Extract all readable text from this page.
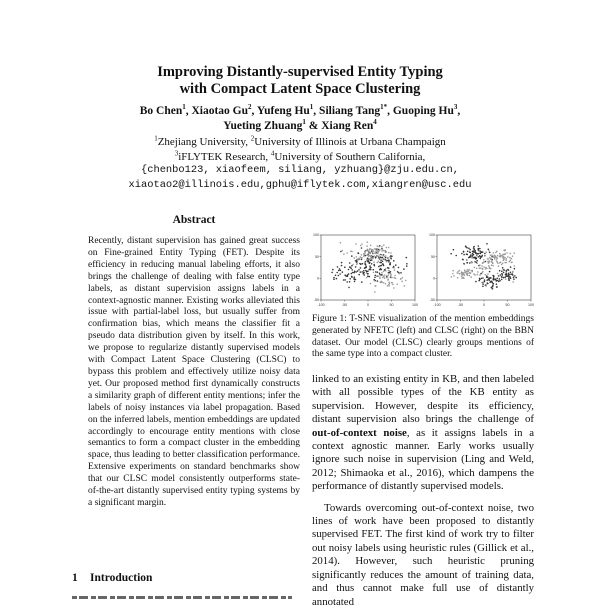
Improving Distantly-supervised Entity Typing
with Compact Latent Space Clustering
Bo Chen$^1$, Xiaotao Gu$^2$, Yufeng Hu$^1$, Siliang Tang$^{1*}$, Guoping Hu$^3$,
Yueting Zhuang$^1$ & Xiang Ren$^4$
$^1$Zhejiang University, $^2$University of Illinois at Urbana Champaign
$^3$iFLYTEK Research, $^4$University of Southern California,
{chenbo123, xiaofeem, siliang, yzhuang}@zju.edu.cn,
xiaotao2@illinois.edu,gphu@iflytek.com,xiangren@usc.edu
Abstract
Recently, distant supervision has gained great success on Fine-grained Entity Typing (FET). Despite its efficiency in reducing manual labeling efforts, it also brings the challenge of dealing with false entity type labels, as distant supervision assigns labels in a context-agnostic manner. Existing works alleviated this issue with partial-label loss, but usually suffer from confirmation bias, which means the classifier fit a pseudo data distribution given by itself. In this work, we propose to regularize distantly supervised models with Compact Latent Space Clustering (CLSC) to bypass this problem and effectively utilize noisy data yet. Our proposed method first dynamically constructs a similarity graph of different entity mentions; infer the labels of noisy instances via label propagation. Based on the inferred labels, mention embeddings are updated accordingly to encourage entity mentions with close semantics to form a compact cluster in the embedding space, thus leading to better classification performance. Extensive experiments on standard benchmarks show that our CLSC model consistently outperforms state-of-the-art distantly supervised entity typing systems by a significant margin.
1 Introduction
-100	-50	0	50	100
-50
0
50
100
-100	-50	0	50	100
-50
0
50
100
Figure 1: T-SNE visualization of the mention embeddings generated by NFETC (left) and CLSC (right) on the BBN dataset. Our model (CLSC) clearly groups mentions of the same type into a compact cluster.

linked to an existing entity in KB, and then labeled with all possible types of the KB entity as supervision. However, despite its efficiency, distant supervision also brings the challenge of out-of-context noise, as it assigns labels in a context agnostic manner. Early works usually ignore such noise in supervision (Ling and Weld, 2012; Shimaoka et al., 2016), which dampens the performance of distantly supervised models.

Towards overcoming out-of-context noise, two lines of work have been proposed to distantly supervised FET. The first kind of work try to filter out noisy labels using heuristic rules (Gillick et al., 2014). However, such heuristic pruning significantly reduces the amount of training data, and thus cannot make full use of distantly annotated
